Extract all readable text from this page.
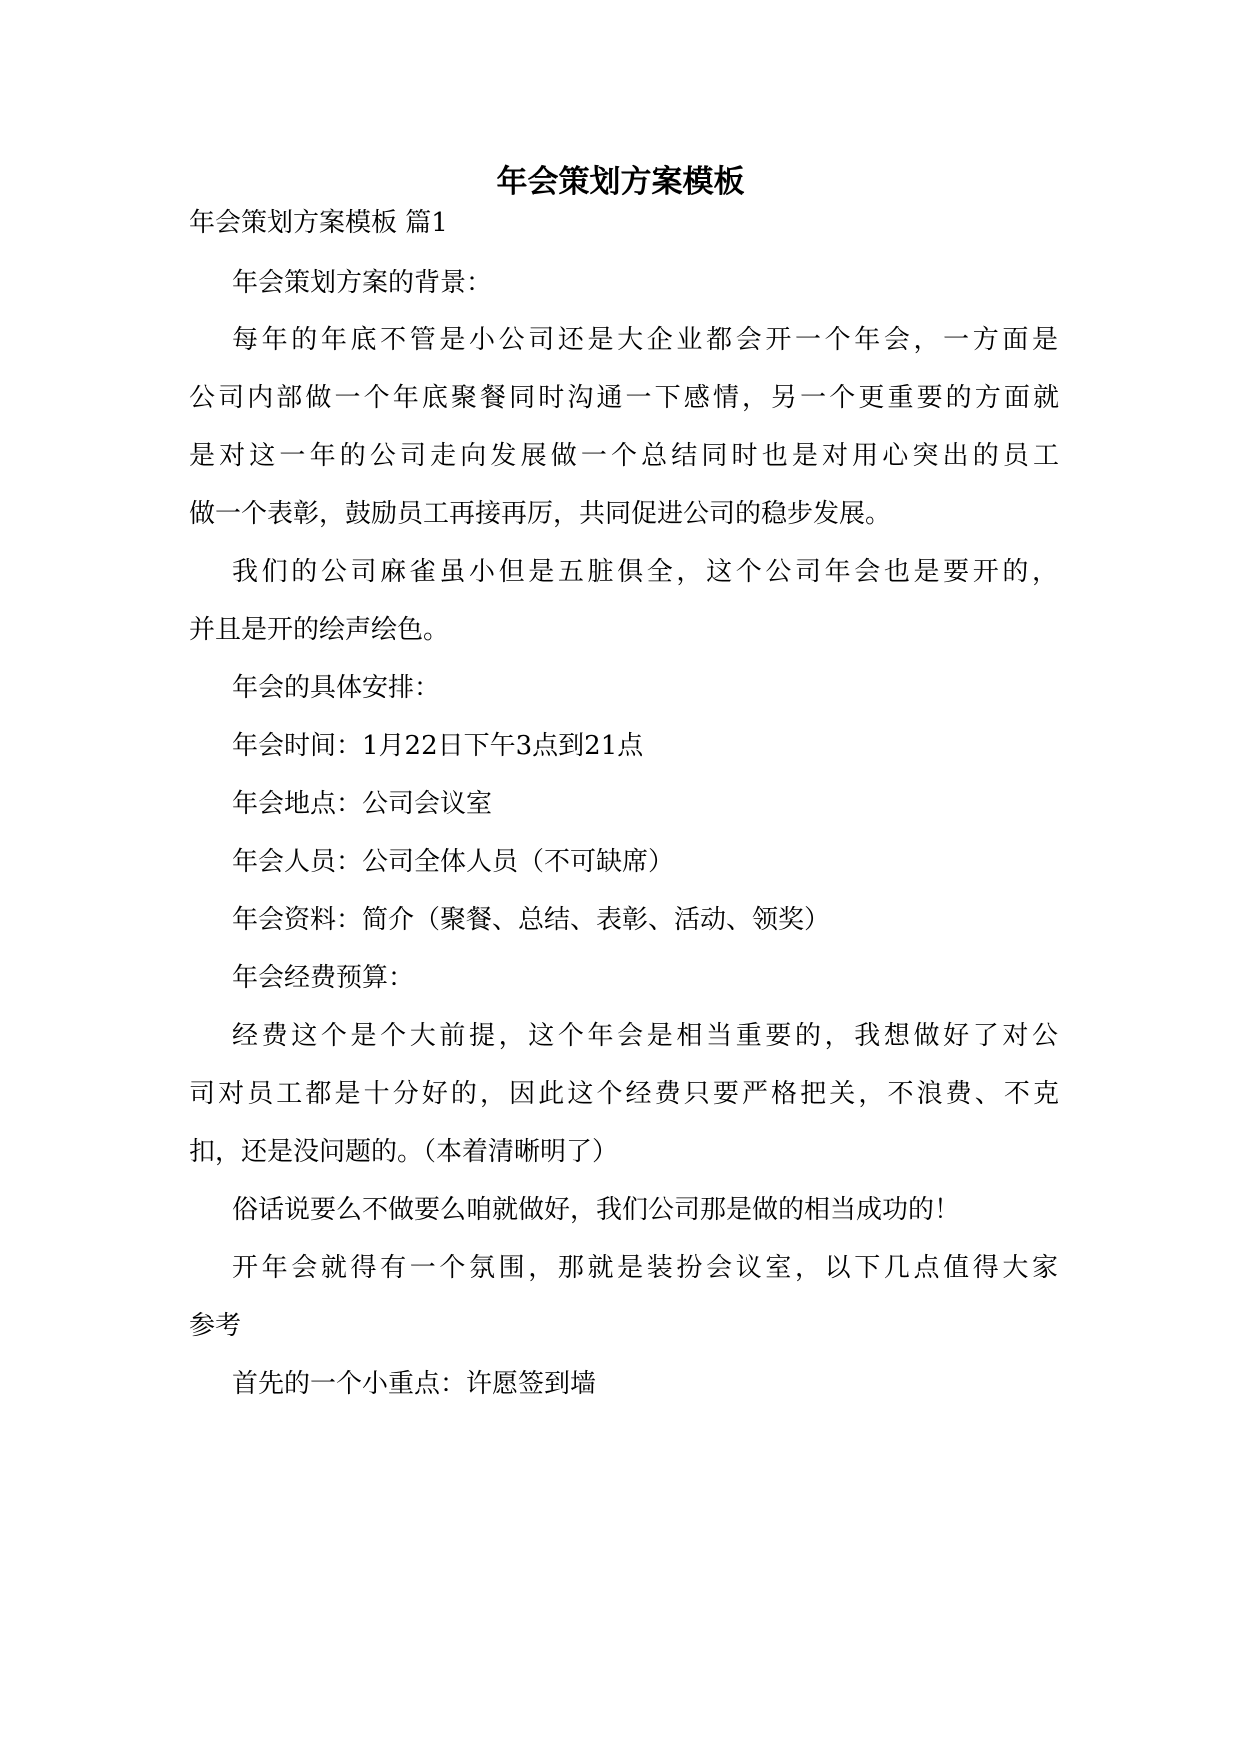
年会策划方案模板

年会策划方案模板 篇1

年会策划方案的背景：

每年的年底不管是小公司还是大企业都会开一个年会，一方面是

公司内部做一个年底聚餐同时沟通一下感情，另一个更重要的方面就

是对这一年的公司走向发展做一个总结同时也是对用心突出的员工

做一个表彰，鼓励员工再接再厉，共同促进公司的稳步发展。

我们的公司麻雀虽小但是五脏俱全，这个公司年会也是要开的，

并且是开的绘声绘色。

年会的具体安排：

年会时间：1月22日下午3点到21点

年会地点：公司会议室

年会人员：公司全体人员（不可缺席）

年会资料：简介（聚餐、总结、表彰、活动、领奖）

年会经费预算：

经费这个是个大前提，这个年会是相当重要的，我想做好了对公

司对员工都是十分好的，因此这个经费只要严格把关，不浪费、不克

扣，还是没问题的。（本着清晰明了）

俗话说要么不做要么咱就做好，我们公司那是做的相当成功的！

开年会就得有一个氛围，那就是装扮会议室，以下几点值得大家

参考

首先的一个小重点：许愿签到墙
